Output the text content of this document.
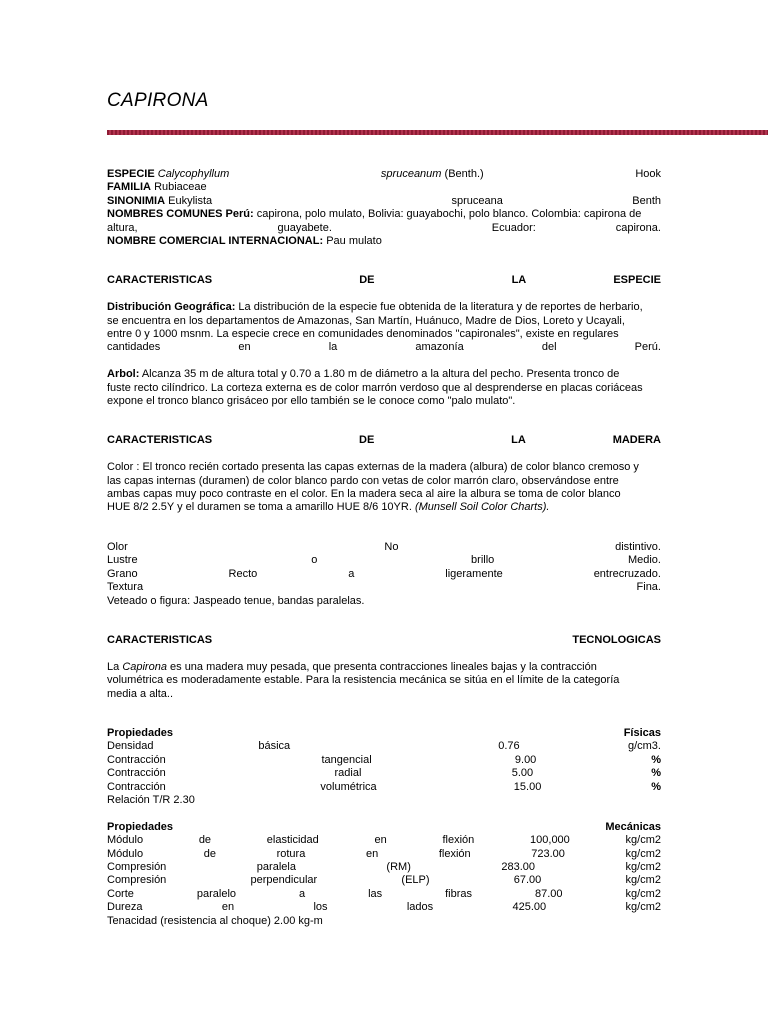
CAPIRONA
ESPECIE Calycophyllum	spruceanum (Benth.)	Hook
FAMILIA Rubiaceae
SINONIMIA Eukylista	spruceana	Benth
NOMBRES COMUNES Perú: capirona, polo mulato, Bolivia: guayabochi, polo blanco. Colombia: capirona de
altura,	guayabete.	Ecuador:	capirona.
NOMBRE COMERCIAL INTERNACIONAL: Pau mulato
CARACTERISTICAS	DE	LA	ESPECIE
Distribución Geográfica: La distribución de la especie fue obtenida de la literatura y de reportes de herbario,
se encuentra en los departamentos de Amazonas, San Martín, Huánuco, Madre de Dios, Loreto y Ucayali,
entre 0 y 1000 msnm. La especie crece en comunidades denominados "capironales", existe en regulares
cantidades	en	la	amazonía	del	Perú.
Arbol: Alcanza 35 m de altura total y 0.70 a 1.80 m de diámetro a la altura del pecho. Presenta tronco de
fuste recto cilíndrico. La corteza externa es de color marrón verdoso que al desprenderse en placas coriáceas
expone el tronco blanco grisáceo por ello también se le conoce como "palo mulato".
CARACTERISTICAS	DE	LA	MADERA
Color : El tronco recién cortado presenta las capas externas de la madera (albura) de color blanco cremoso y
las capas internas (duramen) de color blanco pardo con vetas de color marrón claro, observándose entre
ambas capas muy poco contraste en el color. En la madera seca al aire la albura se toma de color blanco
HUE 8/2 2.5Y y el duramen se toma a amarillo HUE 8/6 10YR. (Munsell Soil Color Charts).
Olor	No	distintivo.
Lustre	o	brillo	Medio.
Grano	Recto	a	ligeramente	entrecruzado.
Textura	Fina.
Veteado o figura: Jaspeado tenue, bandas paralelas.
CARACTERISTICAS	TECNOLOGICAS
La Capirona es una madera muy pesada, que presenta contracciones lineales bajas y la contracción
volumétrica es moderadamente estable. Para la resistencia mecánica se sitúa en el límite de la categoría
media a alta..
Propiedades	Físicas
Densidad	básica	0.76	g/cm3.
Contracción	tangencial	9.00	%
Contracción	radial	5.00	%
Contracción	volumétrica	15.00	%
Relación T/R 2.30
Propiedades	Mecánicas
Módulo	de	elasticidad	en	flexión	100,000	kg/cm2
Módulo	de	rotura	en	flexión	723.00	kg/cm2
Compresión	paralela	(RM)	283.00	kg/cm2
Compresión	perpendicular	(ELP)	67.00	kg/cm2
Corte	paralelo	a	las	fibras	87.00	kg/cm2
Dureza	en	los	lados	425.00	kg/cm2
Tenacidad (resistencia al choque) 2.00 kg-m
